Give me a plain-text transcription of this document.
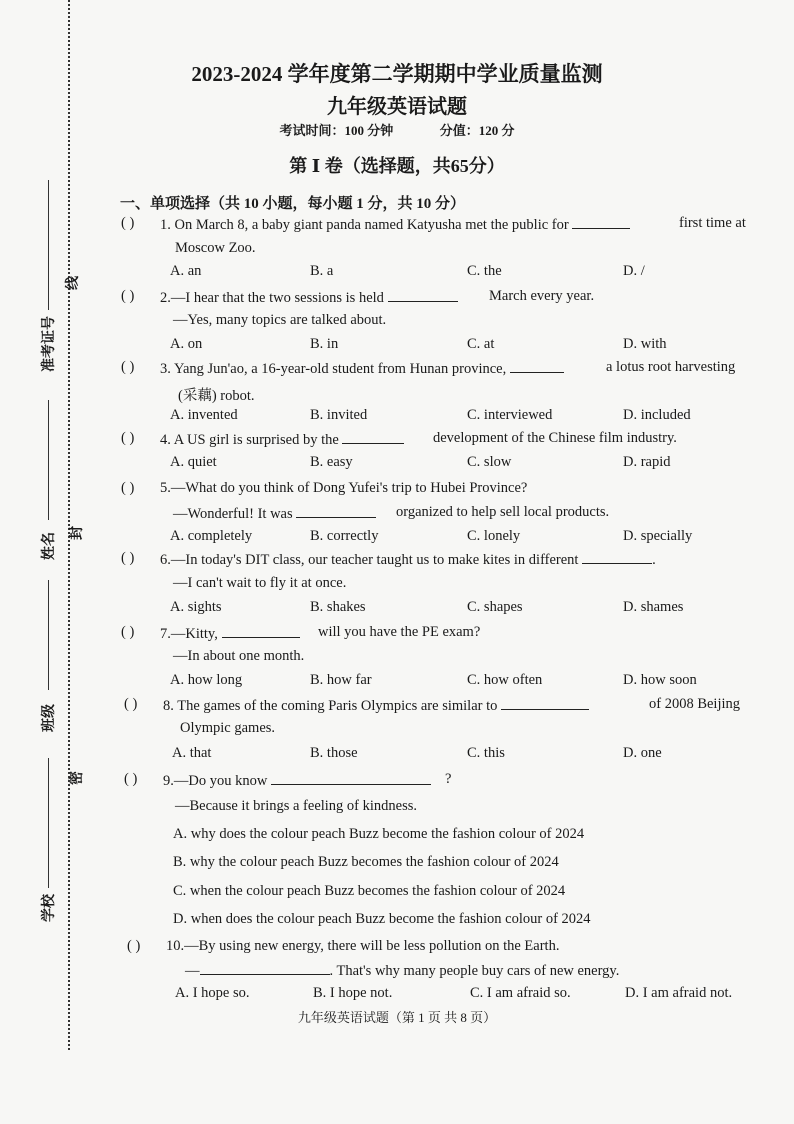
准考证号
线
姓名 封
班级
密
学校
2023-2024 学年度第二学期期中学业质量监测
九年级英语试题
考试时间：100 分钟	分值：120 分
第 Ⅰ 卷（选择题，共65分）
一、单项选择（共 10 小题，每小题 1 分，共 10 分）
( ) 1. On March 8, a baby giant panda named Katyusha met the public for	first time at
Moscow Zoo.
A. an	B. a	C. the	D. /
( ) 2.—I hear that the two sessions is held	March every year.
—Yes, many topics are talked about.
A. on	B. in	C. at	D. with
( ) 3. Yang Jun'ao, a 16-year-old student from Hunan province,	a lotus root harvesting
(采藕) robot.
A. invented	B. invited	C. interviewed	D. included
( ) 4. A US girl is surprised by the	development of the Chinese film industry.
A. quiet	B. easy	C. slow	D. rapid
( ) 5.—What do you think of Dong Yufei's trip to Hubei Province?
—Wonderful! It was	organized to help sell local products.
A. completely	B. correctly	C. lonely	D. specially
( ) 6.—In today's DIT class, our teacher taught us to make kites in different	.
—I can't wait to fly it at once.
A. sights	B. shakes	C. shapes	D. shames
( ) 7.—Kitty,	will you have the PE exam?
—In about one month.
A. how long	B. how far	C. how often	D. how soon
( ) 8. The games of the coming Paris Olympics are similar to	of 2008 Beijing
Olympic games.
A. that	B. those	C. this	D. one
( ) 9.—Do you know	?
—Because it brings a feeling of kindness.
A. why does the colour peach Buzz become the fashion colour of 2024
B. why the colour peach Buzz becomes the fashion colour of 2024
C. when the colour peach Buzz becomes the fashion colour of 2024
D. when does the colour peach Buzz become the fashion colour of 2024
( ) 10.—By using new energy, there will be less pollution on the Earth.
—	. That's why many people buy cars of new energy.
A. I hope so.	B. I hope not.	C. I am afraid so.	D. I am afraid not.
九年级英语试题（第 1 页 共 8 页）
